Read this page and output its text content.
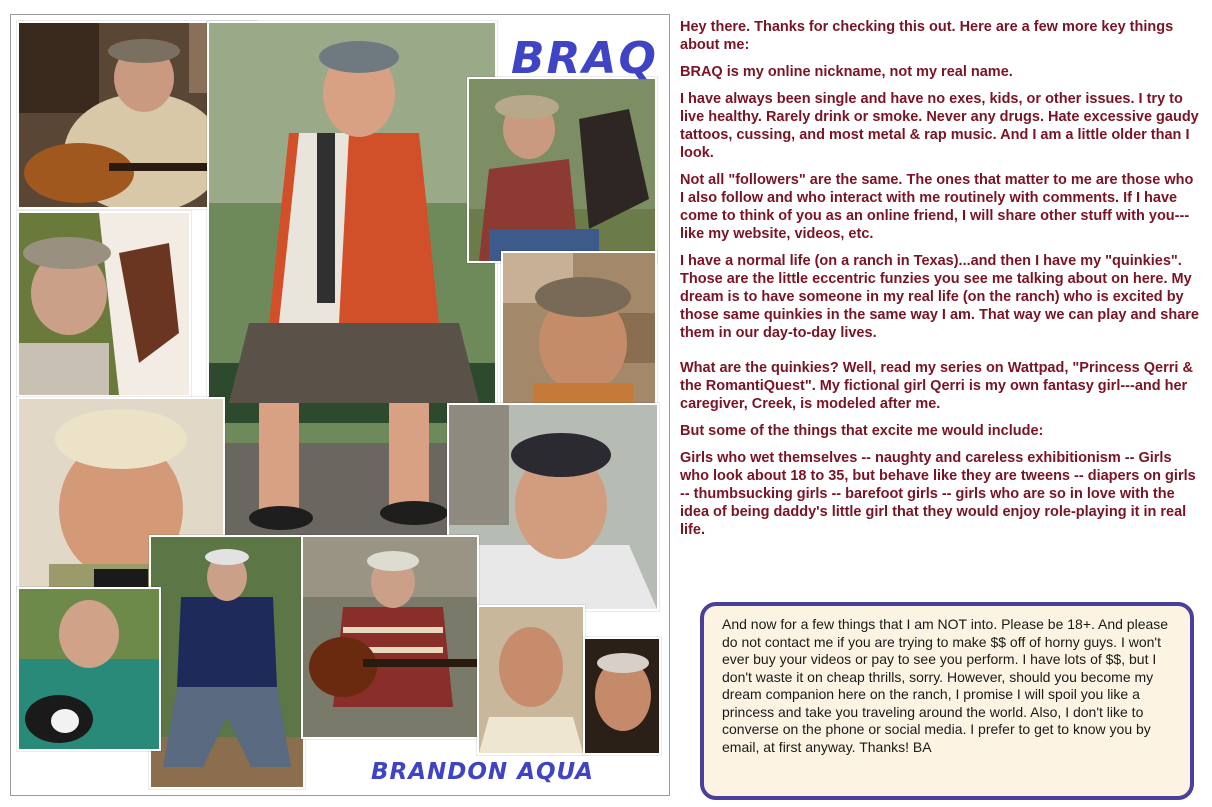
BRAQ
BRANDON AQUA

Hey there. Thanks for checking this out. Here are a few more key things about me:

BRAQ is my online nickname, not my real name.

I have always been single and have no exes, kids, or other issues. I try to live healthy. Rarely drink or smoke. Never any drugs. Hate excessive gaudy tattoos, cussing, and most metal & rap music. And I am a little older than I look.

Not all "followers" are the same. The ones that matter to me are those who I also follow and who interact with me routinely with comments. If I have come to think of you as an online friend, I will share other stuff with you---like my website, videos, etc.

I have a normal life (on a ranch in Texas)...and then I have my "quinkies". Those are the little eccentric funzies you see me talking about on here. My dream is to have someone in my real life (on the ranch) who is excited by those same quinkies in the same way I am. That way we can play and share them in our day-to-day lives.

What are the quinkies? Well, read my series on Wattpad, "Princess Qerri & the RomantiQuest". My fictional girl Qerri is my own fantasy girl---and her caregiver, Creek, is modeled after me.

But some of the things that excite me would include:

Girls who wet themselves -- naughty and careless exhibitionism -- Girls who look about 18 to 35, but behave like they are tweens -- diapers on girls -- thumbsucking girls -- barefoot girls -- girls who are so in love with the idea of being daddy's little girl that they would enjoy role-playing it in real life.

And now for a few things that I am NOT into. Please be 18+. And please do not contact me if you are trying to make $$ off of horny guys. I won't ever buy your videos or pay to see you perform. I have lots of $$, but I don't waste it on cheap thrills, sorry. However, should you become my dream companion here on the ranch, I promise I will spoil you like a princess and take you traveling around the world. Also, I don't like to converse on the phone or social media. I prefer to get to know you by email, at first anyway. Thanks! BA
